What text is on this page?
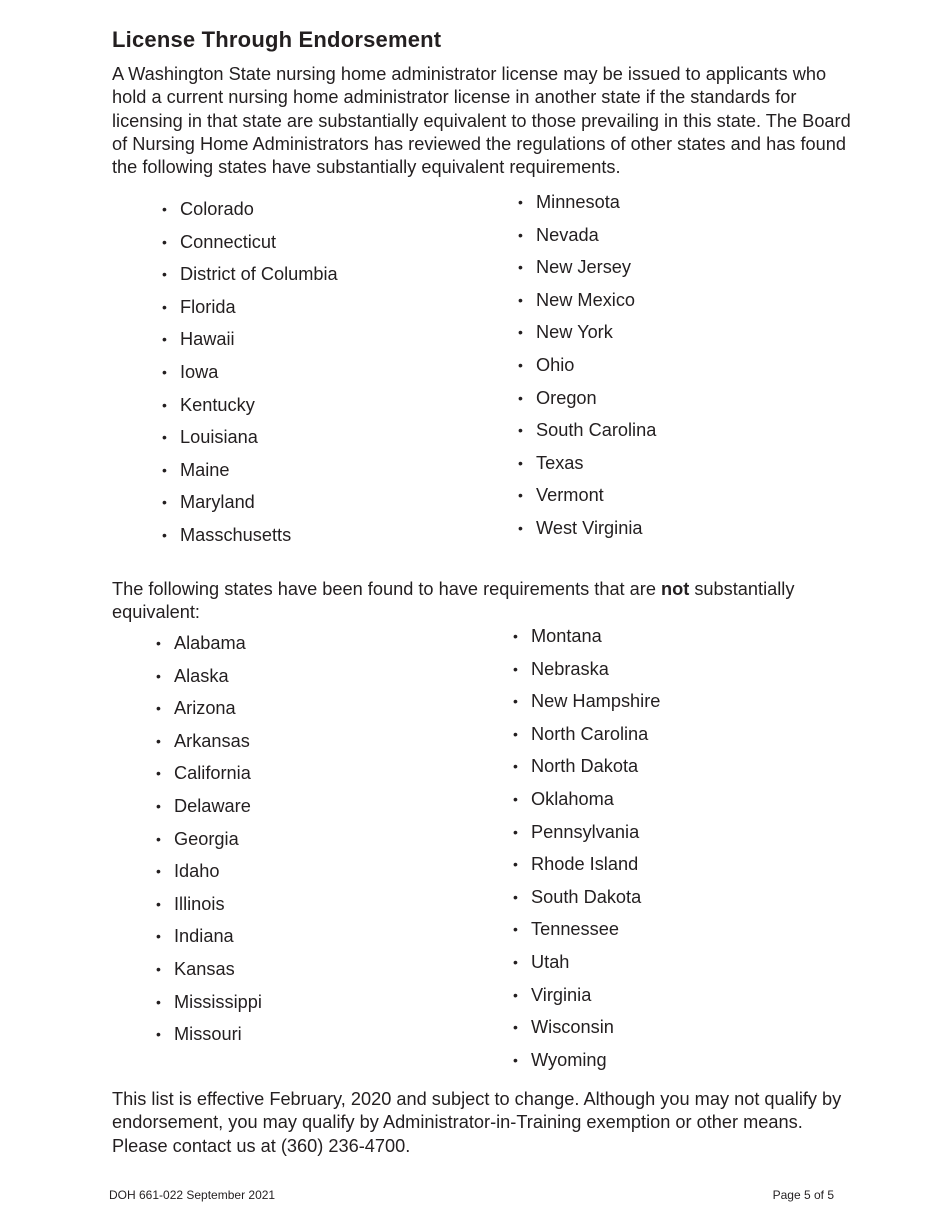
License Through Endorsement

A Washington State nursing home administrator license may be issued to applicants who hold a current nursing home administrator license in another state if the standards for licensing in that state are substantially equivalent to those prevailing in this state. The Board of Nursing Home Administrators has reviewed the regulations of other states and has found the following states have substantially equivalent requirements.

• Colorado
• Connecticut
• District of Columbia
• Florida
• Hawaii
• Iowa
• Kentucky
• Louisiana
• Maine
• Maryland
• Masschusetts
• Minnesota
• Nevada
• New Jersey
• New Mexico
• New York
• Ohio
• Oregon
• South Carolina
• Texas
• Vermont
• West Virginia

The following states have been found to have requirements that are not substantially equivalent:

• Alabama
• Alaska
• Arizona
• Arkansas
• California
• Delaware
• Georgia
• Idaho
• Illinois
• Indiana
• Kansas
• Mississippi
• Missouri
• Montana
• Nebraska
• New Hampshire
• North Carolina
• North Dakota
• Oklahoma
• Pennsylvania
• Rhode Island
• South Dakota
• Tennessee
• Utah
• Virginia
• Wisconsin
• Wyoming

This list is effective February, 2020 and subject to change. Although you may not qualify by endorsement, you may qualify by Administrator-in-Training exemption or other means. Please contact us at (360) 236-4700.

DOH 661-022 September 2021	Page 5 of 5
